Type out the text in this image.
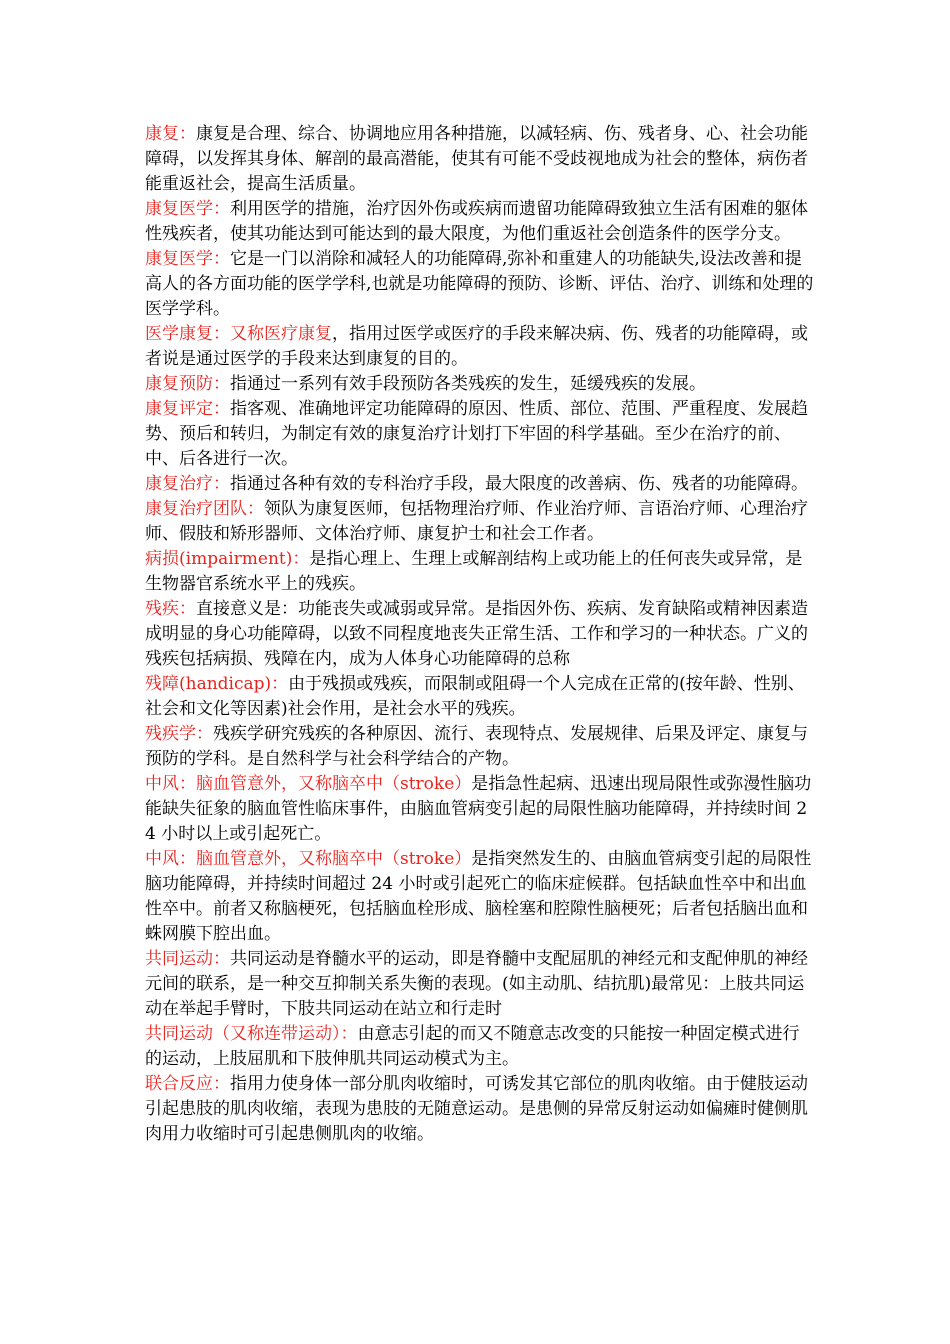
康复：康复是合理、综合、协调地应用各种措施，以减轻病、伤、残者身、心、社会功能障碍，以发挥其身体、解剖的最高潜能，使其有可能不受歧视地成为社会的整体，病伤者能重返社会，提高生活质量。

康复医学：利用医学的措施，治疗因外伤或疾病而遗留功能障碍致独立生活有困难的躯体性残疾者，使其功能达到可能达到的最大限度，为他们重返社会创造条件的医学分支。

康复医学：它是一门以消除和减轻人的功能障碍,弥补和重建人的功能缺失,设法改善和提高人的各方面功能的医学学科,也就是功能障碍的预防、诊断、评估、治疗、训练和处理的医学学科。

医学康复：又称医疗康复，指用过医学或医疗的手段来解决病、伤、残者的功能障碍，或者说是通过医学的手段来达到康复的目的。

康复预防：指通过一系列有效手段预防各类残疾的发生，延缓残疾的发展。

康复评定：指客观、准确地评定功能障碍的原因、性质、部位、范围、严重程度、发展趋势、预后和转归，为制定有效的康复治疗计划打下牢固的科学基础。至少在治疗的前、中、后各进行一次。

康复治疗：指通过各种有效的专科治疗手段，最大限度的改善病、伤、残者的功能障碍。

康复治疗团队：领队为康复医师，包括物理治疗师、作业治疗师、言语治疗师、心理治疗师、假肢和矫形器师、文体治疗师、康复护士和社会工作者。

病损(impairment)：是指心理上、生理上或解剖结构上或功能上的任何丧失或异常，是生物器官系统水平上的残疾。

残疾：直接意义是：功能丧失或减弱或异常。是指因外伤、疾病、发育缺陷或精神因素造成明显的身心功能障碍，以致不同程度地丧失正常生活、工作和学习的一种状态。广义的残疾包括病损、残障在内，成为人体身心功能障碍的总称

残障(handicap)：由于残损或残疾，而限制或阻碍一个人完成在正常的(按年龄、性别、社会和文化等因素)社会作用，是社会水平的残疾。

残疾学：残疾学研究残疾的各种原因、流行、表现特点、发展规律、后果及评定、康复与预防的学科。是自然科学与社会科学结合的产物。

中风：脑血管意外，又称脑卒中（stroke）是指急性起病、迅速出现局限性或弥漫性脑功能缺失征象的脑血管性临床事件，由脑血管病变引起的局限性脑功能障碍，并持续时间 24 小时以上或引起死亡。

中风：脑血管意外，又称脑卒中（stroke）是指突然发生的、由脑血管病变引起的局限性脑功能障碍，并持续时间超过 24 小时或引起死亡的临床症候群。包括缺血性卒中和出血性卒中。前者又称脑梗死，包括脑血栓形成、脑栓塞和腔隙性脑梗死；后者包括脑出血和蛛网膜下腔出血。

共同运动：共同运动是脊髓水平的运动，即是脊髓中支配屈肌的神经元和支配伸肌的神经元间的联系，是一种交互抑制关系失衡的表现。(如主动肌、结抗肌)最常见：上肢共同运动在举起手臂时，下肢共同运动在站立和行走时

共同运动（又称连带运动）：由意志引起的而又不随意志改变的只能按一种固定模式进行的运动，上肢屈肌和下肢伸肌共同运动模式为主。

联合反应：指用力使身体一部分肌肉收缩时，可诱发其它部位的肌肉收缩。由于健肢运动引起患肢的肌肉收缩，表现为患肢的无随意运动。是患侧的异常反射运动如偏瘫时健侧肌肉用力收缩时可引起患侧肌肉的收缩。
